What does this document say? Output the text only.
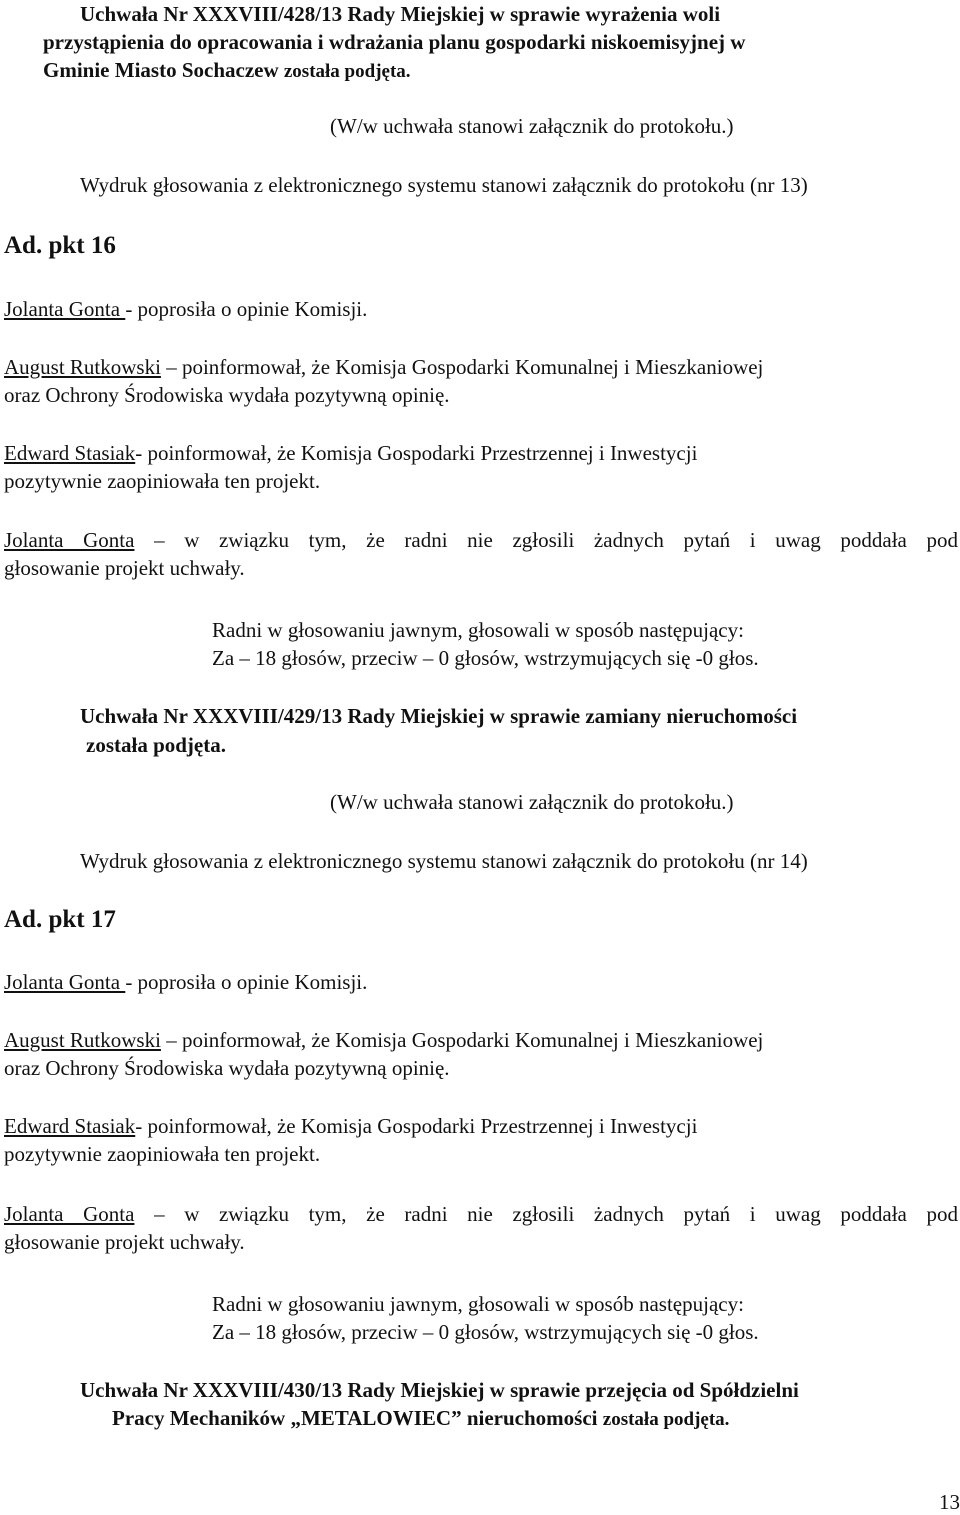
Uchwała Nr XXXVIII/428/13 Rady Miejskiej w sprawie wyrażenia woli
przystąpienia do opracowania i wdrażania planu gospodarki niskoemisyjnej w
Gminie Miasto Sochaczew została podjęta.
(W/w uchwała stanowi załącznik do protokołu.)
Wydruk głosowania z elektronicznego systemu stanowi załącznik do protokołu (nr 13)
Ad. pkt 16
Jolanta Gonta - poprosiła o opinie Komisji.
August Rutkowski – poinformował, że Komisja Gospodarki Komunalnej i Mieszkaniowej
oraz Ochrony Środowiska wydała pozytywną opinię.
Edward Stasiak- poinformował, że Komisja Gospodarki Przestrzennej i Inwestycji
pozytywnie zaopiniowała ten projekt.
Jolanta Gonta – w związku tym, że radni nie zgłosili żadnych pytań i uwag poddała pod
głosowanie projekt uchwały.
Radni w głosowaniu jawnym, głosowali w sposób następujący:
Za – 18 głosów, przeciw – 0 głosów, wstrzymujących się -0 głos.
Uchwała Nr XXXVIII/429/13 Rady Miejskiej w sprawie zamiany nieruchomości
została podjęta.
(W/w uchwała stanowi załącznik do protokołu.)
Wydruk głosowania z elektronicznego systemu stanowi załącznik do protokołu (nr 14)
Ad. pkt 17
Jolanta Gonta - poprosiła o opinie Komisji.
August Rutkowski – poinformował, że Komisja Gospodarki Komunalnej i Mieszkaniowej
oraz Ochrony Środowiska wydała pozytywną opinię.
Edward Stasiak- poinformował, że Komisja Gospodarki Przestrzennej i Inwestycji
pozytywnie zaopiniowała ten projekt.
Jolanta Gonta – w związku tym, że radni nie zgłosili żadnych pytań i uwag poddała pod
głosowanie projekt uchwały.
Radni w głosowaniu jawnym, głosowali w sposób następujący:
Za – 18 głosów, przeciw – 0 głosów, wstrzymujących się -0 głos.
Uchwała Nr XXXVIII/430/13 Rady Miejskiej w sprawie przejęcia od Spółdzielni
Pracy Mechaników „METALOWIEC” nieruchomości została podjęta.
13
